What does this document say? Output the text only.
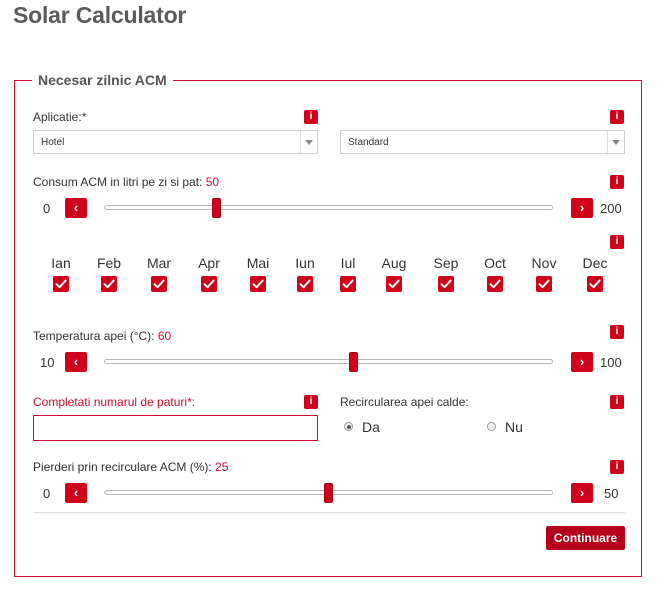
Solar Calculator
Necesar zilnic ACM
Aplicatie:*	i	i
Hotel	Standard
Consum ACM in litri pe zi si pat: 50	i
0	‹	›	200
i
Ian	Feb	Mar	Apr	Mai	Iun	Iul	Aug	Sep	Oct	Nov	Dec
Temperatura apei (°C): 60	i
10	‹	›	100
Completati numarul de paturi*:	i	Recircularea apei calde:	i
Da	Nu
Pierderi prin recirculare ACM (%): 25	i
0	‹	›	50
Continuare
